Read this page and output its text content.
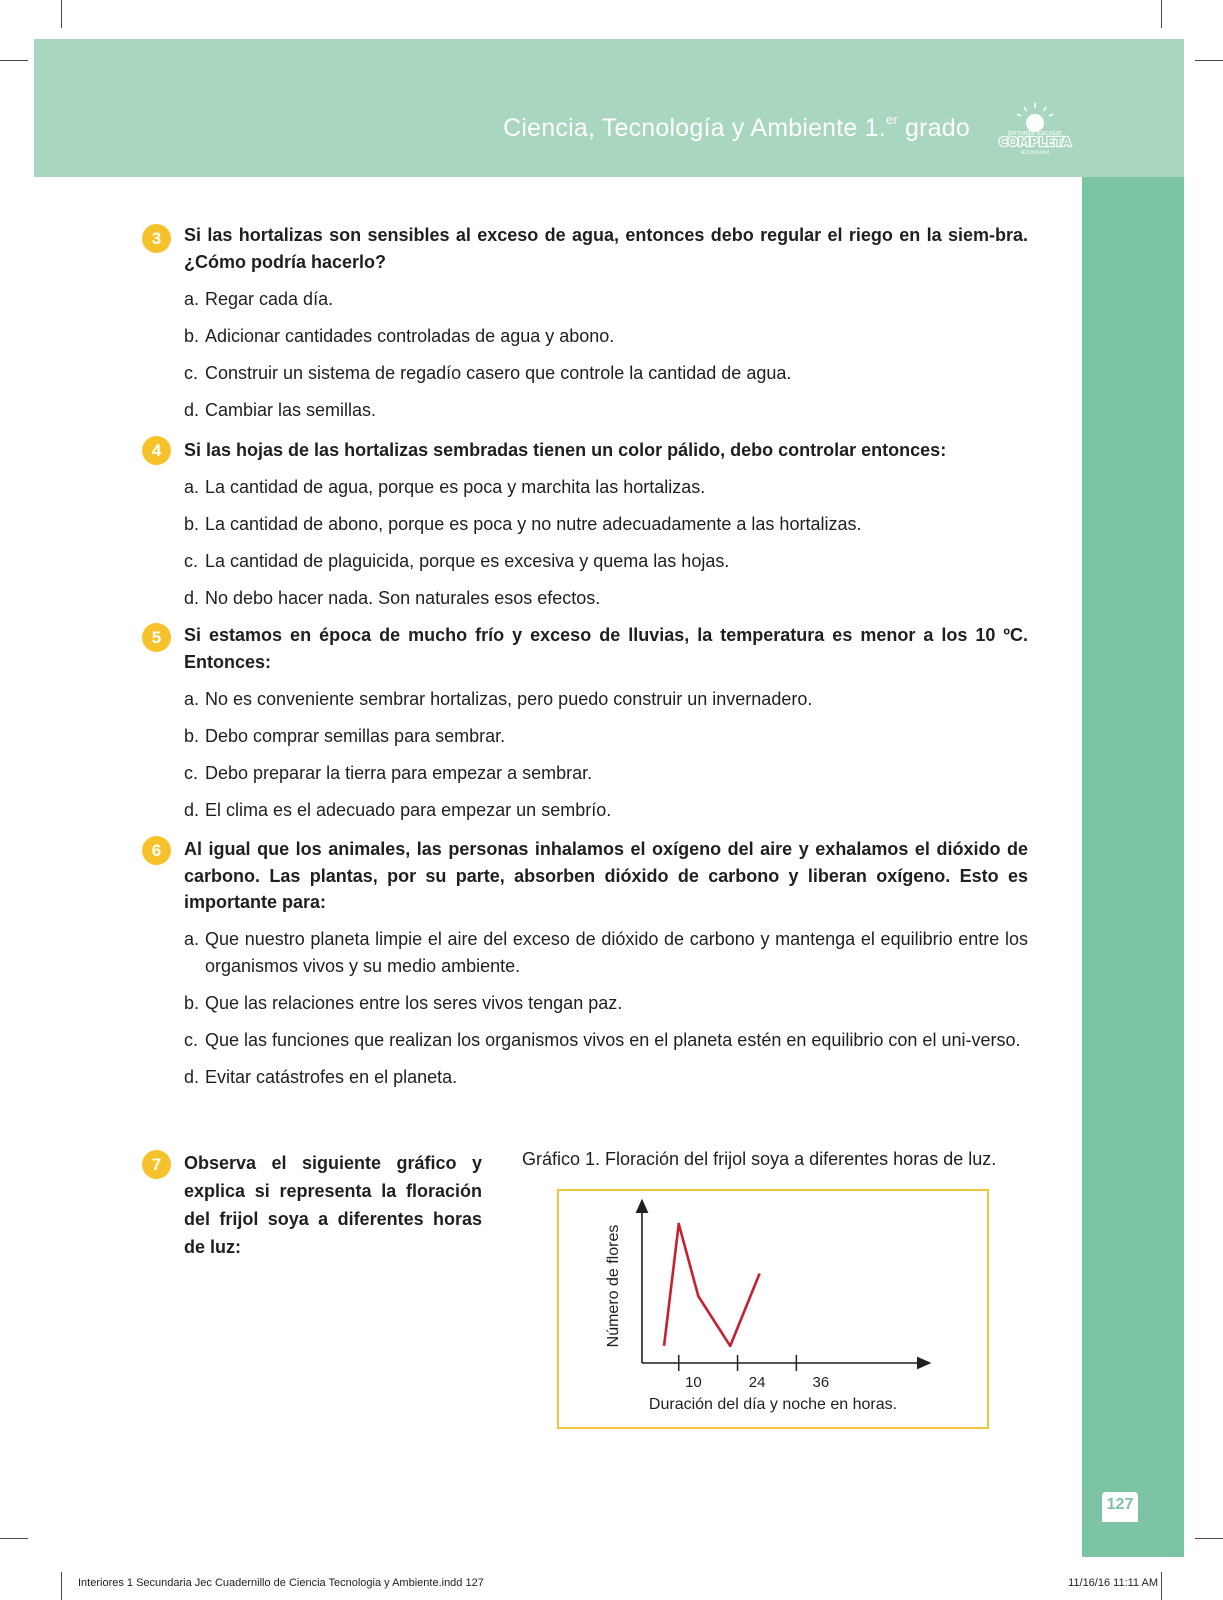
Ciencia, Tecnología y Ambiente 1.$^{er}$ grado	Jornada Escolar
COMPLETA
SECUNDARIA
127
3	Si las hortalizas son sensibles al exceso de agua, entonces debo regular el riego en la siem-bra. ¿Cómo podría hacerlo?
a. Regar cada día.
b. Adicionar cantidades controladas de agua y abono.
c. Construir un sistema de regadío casero que controle la cantidad de agua.
d. Cambiar las semillas.
4	Si las hojas de las hortalizas sembradas tienen un color pálido, debo controlar entonces:
a. La cantidad de agua, porque es poca y marchita las hortalizas.
b. La cantidad de abono, porque es poca y no nutre adecuadamente a las hortalizas.
c. La cantidad de plaguicida, porque es excesiva y quema las hojas.
d. No debo hacer nada. Son naturales esos efectos.
5	Si estamos en época de mucho frío y exceso de lluvias, la temperatura es menor a los 10 ºC. Entonces:
a. No es conveniente sembrar hortalizas, pero puedo construir un invernadero.
b. Debo comprar semillas para sembrar.
c. Debo preparar la tierra para empezar a sembrar.
d. El clima es el adecuado para empezar un sembrío.
6	Al igual que los animales, las personas inhalamos el oxígeno del aire y exhalamos el dióxido de carbono. Las plantas, por su parte, absorben dióxido de carbono y liberan oxígeno. Esto es importante para:
a. Que nuestro planeta limpie el aire del exceso de dióxido de carbono y mantenga el equilibrio entre los organismos vivos y su medio ambiente.
b. Que las relaciones entre los seres vivos tengan paz.
c. Que las funciones que realizan los organismos vivos en el planeta estén en equilibrio con el uni-verso.
d. Evitar catástrofes en el planeta.
7	Observa el siguiente gráfico y explica si representa la floración del frijol soya a diferentes horas de luz:
Gráfico 1. Floración del frijol soya a diferentes horas de luz.
10	24	36
Duración del día y noche en horas.
Número de flores
Interiores 1 Secundaria Jec Cuadernillo de Ciencia Tecnologia y Ambiente.indd 127	11/16/16 11:11 AM
